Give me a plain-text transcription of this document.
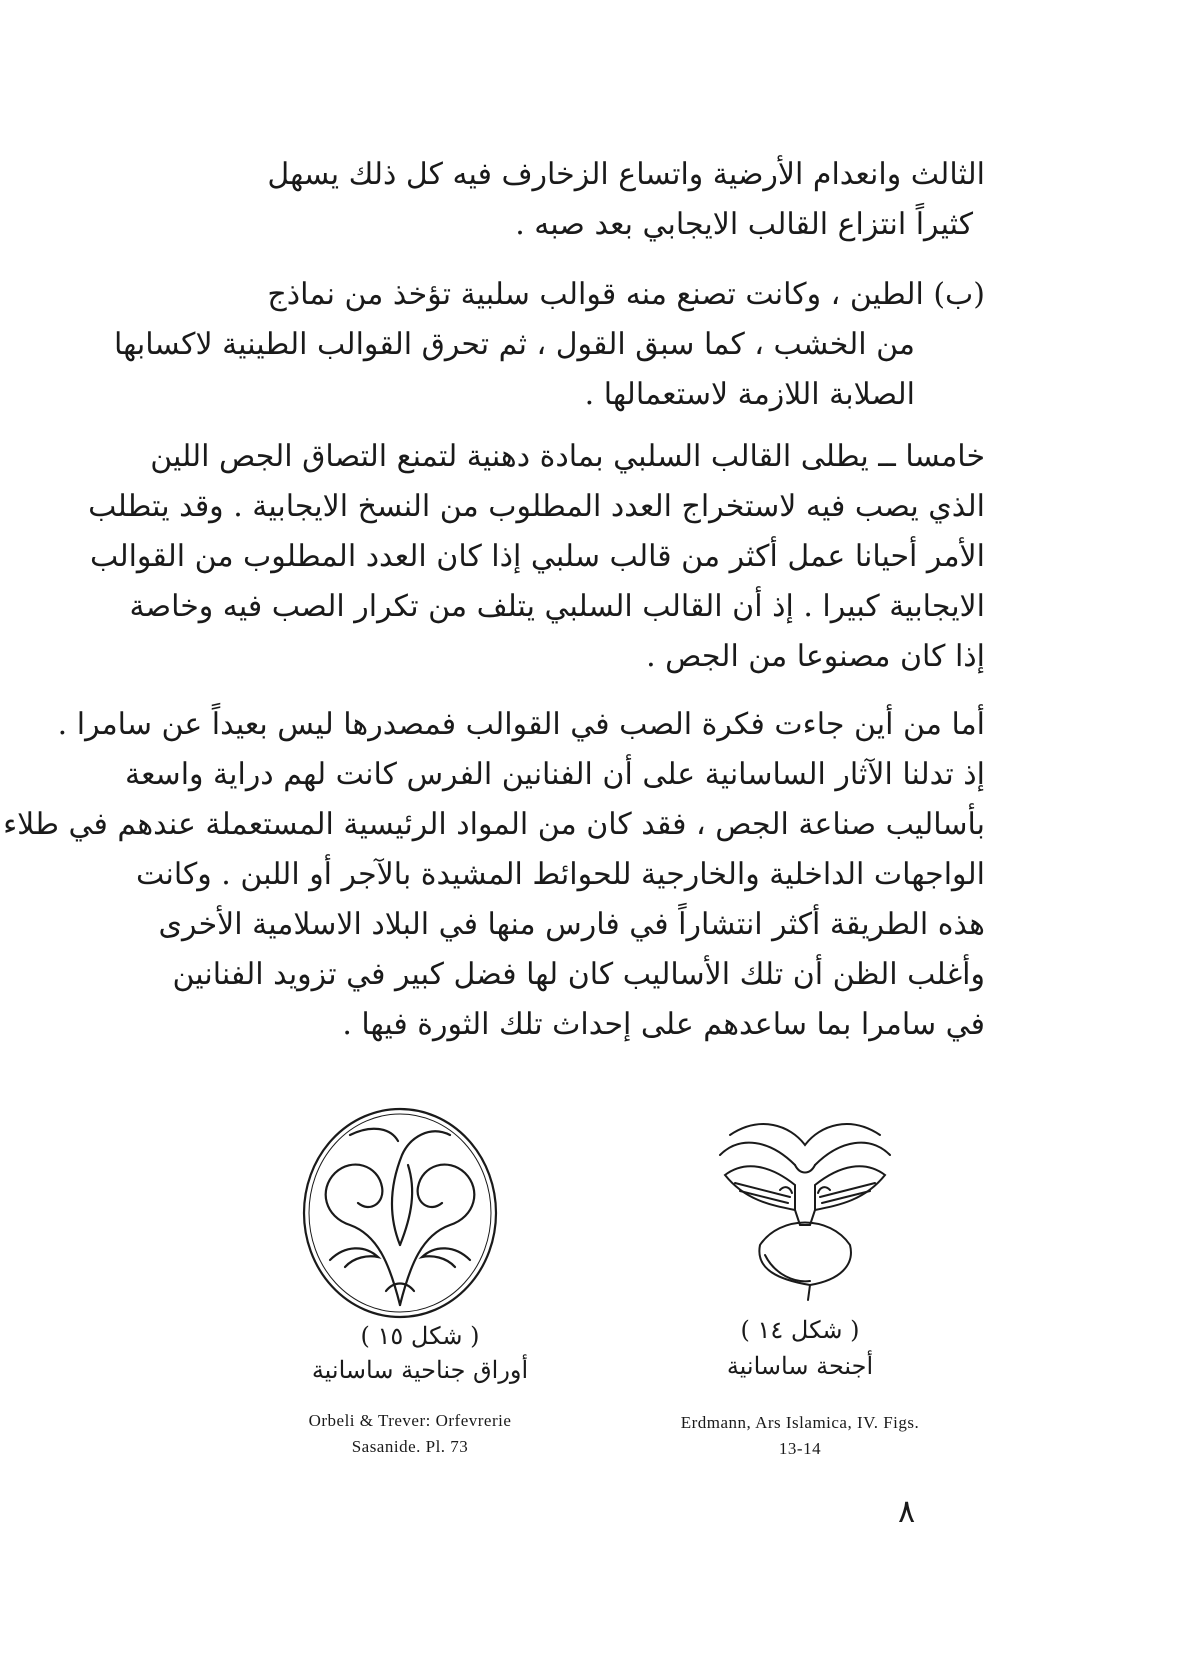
الثالث وانعدام الأرضية واتساع الزخارف فيه كل ذلك يسهل
كثيراً انتزاع القالب الايجابي بعد صبه .

(ب) الطين ، وكانت تصنع منه قوالب سلبية تؤخذ من نماذج
من الخشب ، كما سبق القول ، ثم تحرق القوالب الطينية لاكسابها
الصلابة اللازمة لاستعمالها .

خامسا ــ يطلى القالب السلبي بمادة دهنية لتمنع التصاق الجص اللين
الذي يصب فيه لاستخراج العدد المطلوب من النسخ الايجابية . وقد يتطلب
الأمر أحيانا عمل أكثر من قالب سلبي إذا كان العدد المطلوب من القوالب
الايجابية كبيرا . إذ أن القالب السلبي يتلف من تكرار الصب فيه وخاصة
إذا كان مصنوعا من الجص .

أما من أين جاءت فكرة الصب في القوالب فمصدرها ليس بعيداً عن سامرا .
إذ تدلنا الآثار الساسانية على أن الفنانين الفرس كانت لهم دراية واسعة
بأساليب صناعة الجص ، فقد كان من المواد الرئيسية المستعملة عندهم في طلاء
الواجهات الداخلية والخارجية للحوائط المشيدة بالآجر أو اللبن . وكانت
هذه الطريقة أكثر انتشاراً في فارس منها في البلاد الاسلامية الأخرى
وأغلب الظن أن تلك الأساليب كان لها فضل كبير في تزويد الفنانين
في سامرا بما ساعدهم على إحداث تلك الثورة فيها .

( شكل ١٥ )

أوراق جناحية ساسانية

Orbeli & Trever: Orfevrerie
Sasanide. Pl. 73

( شكل ١٤ )

أجنحة ساسانية

Erdmann, Ars Islamica, IV. Figs.
13-14

٨
